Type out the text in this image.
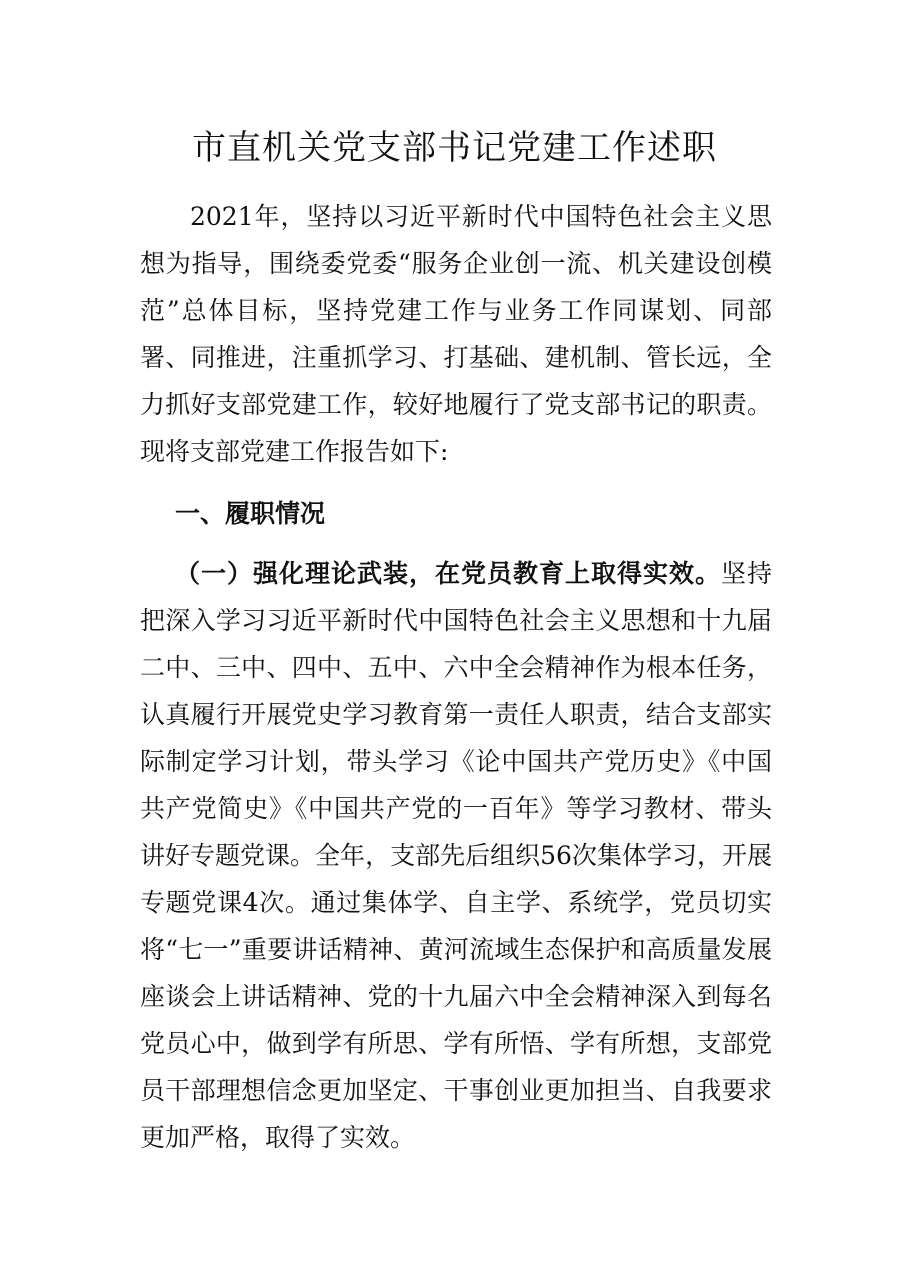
市直机关党支部书记党建工作述职

2021年，坚持以习近平新时代中国特色社会主义思想为指导，围绕委党委“服务企业创一流、机关建设创模范”总体目标，坚持党建工作与业务工作同谋划、同部署、同推进，注重抓学习、打基础、建机制、管长远，全力抓好支部党建工作，较好地履行了党支部书记的职责。现将支部党建工作报告如下:

一、履职情况

（一）强化理论武装，在党员教育上取得实效。坚持把深入学习习近平新时代中国特色社会主义思想和十九届二中、三中、四中、五中、六中全会精神作为根本任务，认真履行开展党史学习教育第一责任人职责，结合支部实际制定学习计划，带头学习《论中国共产党历史》《中国共产党简史》《中国共产党的一百年》等学习教材、带头讲好专题党课。全年，支部先后组织56次集体学习，开展专题党课4次。通过集体学、自主学、系统学，党员切实将“七一”重要讲话精神、黄河流域生态保护和高质量发展座谈会上讲话精神、党的十九届六中全会精神深入到每名党员心中，做到学有所思、学有所悟、学有所想，支部党员干部理想信念更加坚定、干事创业更加担当、自我要求更加严格，取得了实效。
